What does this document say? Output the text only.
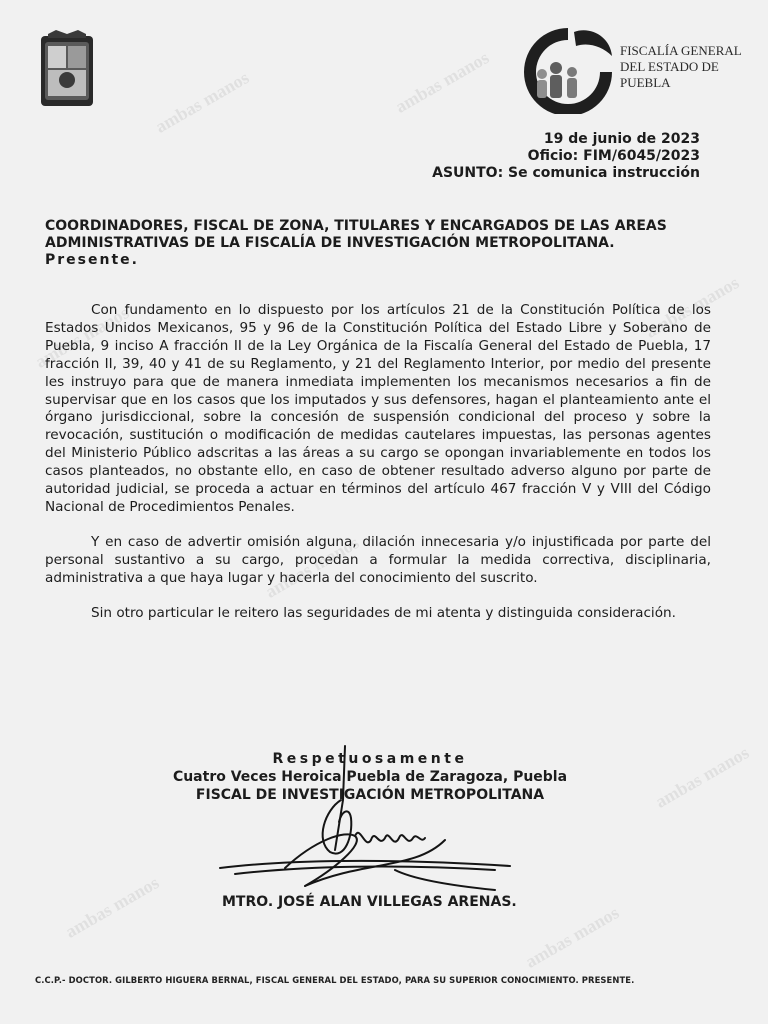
ambas manos	ambas manos
ambas manos	ambas manos
ambas manos
ambas manos
ambas manos	ambas manos
FISCALÍA GENERAL
DEL ESTADO DE
PUEBLA
19 de junio de 2023
Oficio: FIM/6045/2023
ASUNTO: Se comunica instrucción
COORDINADORES, FISCAL DE ZONA, TITULARES Y ENCARGADOS DE LAS AREAS
ADMINISTRATIVAS DE LA FISCALÍA DE INVESTIGACIÓN METROPOLITANA.
Presente.

Con fundamento en lo dispuesto por los artículos 21 de la Constitución Política de los Estados Unidos Mexicanos, 95 y 96 de la Constitución Política del Estado Libre y Soberano de Puebla, 9 inciso A fracción II de la Ley Orgánica de la Fiscalía General del Estado de Puebla, 17 fracción II, 39, 40 y 41 de su Reglamento, y 21 del Reglamento Interior, por medio del presente les instruyo para que de manera inmediata implementen los mecanismos necesarios a fin de supervisar que en los casos que los imputados y sus defensores, hagan el planteamiento ante el órgano jurisdiccional, sobre la concesión de suspensión condicional del proceso y sobre la revocación, sustitución o modificación de medidas cautelares impuestas, las personas agentes del Ministerio Público adscritas a las áreas a su cargo se opongan invariablemente en todos los casos planteados, no obstante ello, en caso de obtener resultado adverso alguno por parte de autoridad judicial, se proceda a actuar en términos del artículo 467 fracción V y VIII del Código Nacional de Procedimientos Penales.

Y en caso de advertir omisión alguna, dilación innecesaria y/o injustificada por parte del personal sustantivo a su cargo, procedan a formular la medida correctiva, disciplinaria, administrativa a que haya lugar y hacerla del conocimiento del suscrito.

Sin otro particular le reitero las seguridades de mi atenta y distinguida consideración.

Respetuosamente
Cuatro Veces Heroica Puebla de Zaragoza, Puebla
FISCAL DE INVESTIGACIÓN METROPOLITANA
MTRO. JOSÉ ALAN VILLEGAS ARENAS.
C.C.P.- DOCTOR. GILBERTO HIGUERA BERNAL, FISCAL GENERAL DEL ESTADO, PARA SU SUPERIOR CONOCIMIENTO. PRESENTE.
